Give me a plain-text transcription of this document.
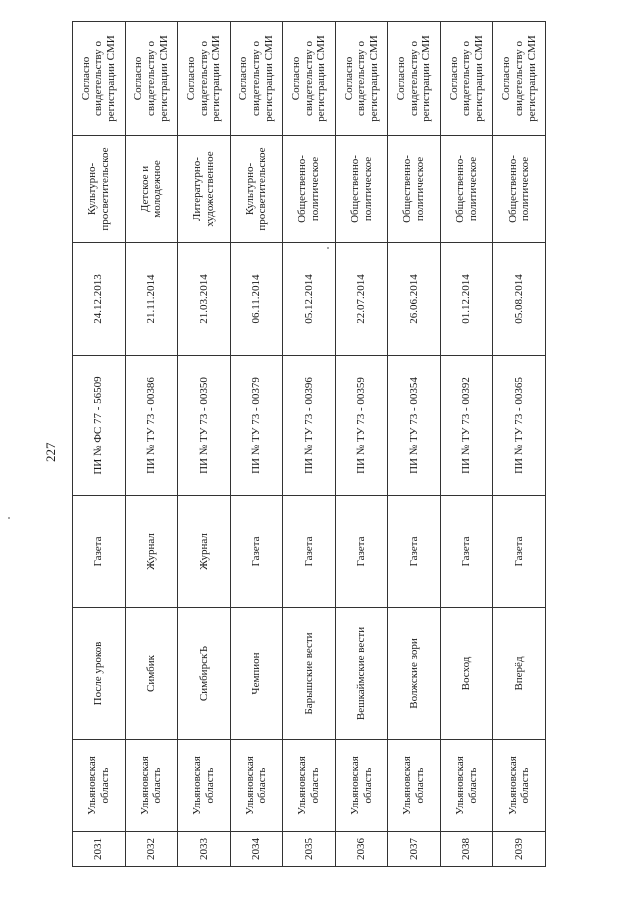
227
2031	Ульяновская область	После уроков	Газета	ПИ № ФС 77 - 56509	24.12.2013	Культурно-просветительское	Согласно свидетельству о регистрации СМИ
2032	Ульяновская область	Симбик	Журнал	ПИ № ТУ 73 - 00386	21.11.2014	Детское и молодежное	Согласно свидетельству о регистрации СМИ
2033	Ульяновская область	СимбирскЪ	Журнал	ПИ № ТУ 73 - 00350	21.03.2014	Литературно-художественное	Согласно свидетельству о регистрации СМИ
2034	Ульяновская область	Чемпион	Газета	ПИ № ТУ 73 - 00379	06.11.2014	Культурно-просветительское	Согласно свидетельству о регистрации СМИ
2035	Ульяновская область	Барышские вести	Газета	ПИ № ТУ 73 - 00396	05.12.2014	Общественно-политическое	Согласно свидетельству о регистрации СМИ
2036	Ульяновская область	Вешкаймские вести	Газета	ПИ № ТУ 73 - 00359	22.07.2014	Общественно-политическое	Согласно свидетельству о регистрации СМИ
2037	Ульяновская область	Волжские зори	Газета	ПИ № ТУ 73 - 00354	26.06.2014	Общественно-политическое	Согласно свидетельству о регистрации СМИ
2038	Ульяновская область	Восход	Газета	ПИ № ТУ 73 - 00392	01.12.2014	Общественно-политическое	Согласно свидетельству о регистрации СМИ
2039	Ульяновская область	Вперёд	Газета	ПИ № ТУ 73 - 00365	05.08.2014	Общественно-политическое	Согласно свидетельству о регистрации СМИ
